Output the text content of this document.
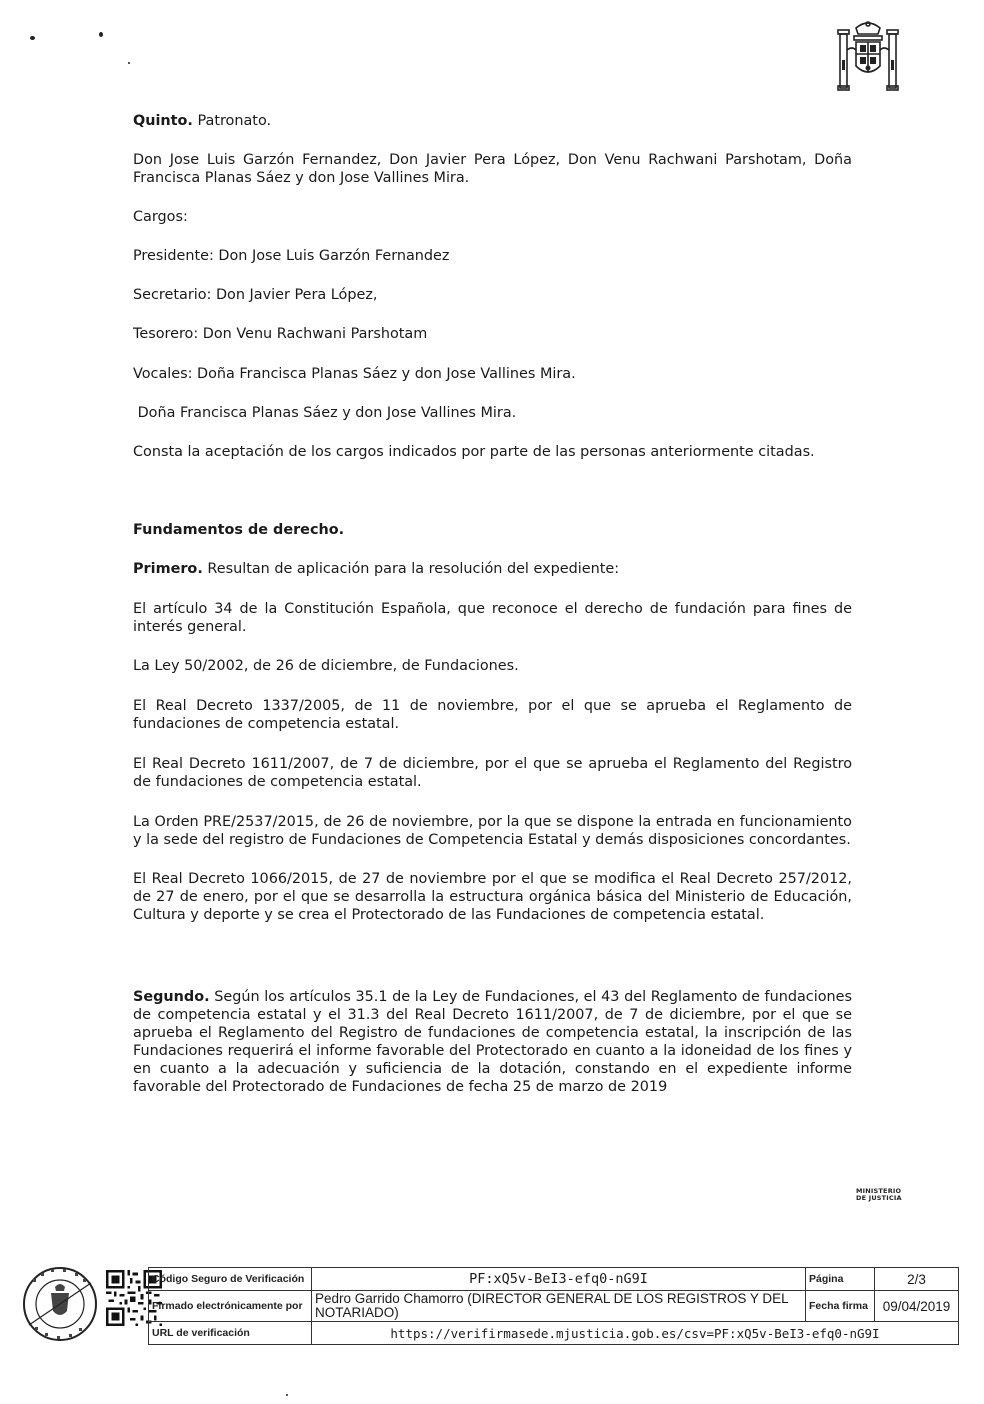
Quinto. Patronato.

Don Jose Luis Garzón Fernandez, Don Javier Pera López, Don Venu Rachwani Parshotam, Doña Francisca Planas Sáez y don Jose Vallines Mira.

Cargos:

Presidente: Don Jose Luis Garzón Fernandez

Secretario: Don Javier Pera López,

Tesorero: Don Venu Rachwani Parshotam

Vocales: Doña Francisca Planas Sáez y don Jose Vallines Mira.

Doña Francisca Planas Sáez y don Jose Vallines Mira.

Consta la aceptación de los cargos indicados por parte de las personas anteriormente citadas.

Fundamentos de derecho.

Primero. Resultan de aplicación para la resolución del expediente:

El artículo 34 de la Constitución Española, que reconoce el derecho de fundación para fines de interés general.

La Ley 50/2002, de 26 de diciembre, de Fundaciones.

El Real Decreto 1337/2005, de 11 de noviembre, por el que se aprueba el Reglamento de fundaciones de competencia estatal.

El Real Decreto 1611/2007, de 7 de diciembre, por el que se aprueba el Reglamento del Registro de fundaciones de competencia estatal.

La Orden PRE/2537/2015, de 26 de noviembre, por la que se dispone la entrada en funcionamiento y la sede del registro de Fundaciones de Competencia Estatal y demás disposiciones concordantes.

El Real Decreto 1066/2015, de 27 de noviembre por el que se modifica el Real Decreto 257/2012, de 27 de enero, por el que se desarrolla la estructura orgánica básica del Ministerio de Educación, Cultura y deporte y se crea el Protectorado de las Fundaciones de competencia estatal.

Segundo. Según los artículos 35.1 de la Ley de Fundaciones, el 43 del Reglamento de fundaciones de competencia estatal y el 31.3 del Real Decreto 1611/2007, de 7 de diciembre, por el que se aprueba el Reglamento del Registro de fundaciones de competencia estatal, la inscripción de las Fundaciones requerirá el informe favorable del Protectorado en cuanto a la idoneidad de los fines y en cuanto a la adecuación y suficiencia de la dotación, constando en el expediente informe favorable del Protectorado de Fundaciones de fecha 25 de marzo de 2019

MINISTERIO
DE JUSTICIA
Código Seguro de Verificación	PF:xQ5v-BeI3-efq0-nG9I	Página	2/3
Firmado electrónicamente por	Pedro Garrido Chamorro (DIRECTOR GENERAL DE LOS REGISTROS Y DEL NOTARIADO)	Fecha firma	09/04/2019
URL de verificación	https://verifirmasede.mjusticia.gob.es/csv=PF:xQ5v-BeI3-efq0-nG9I		
